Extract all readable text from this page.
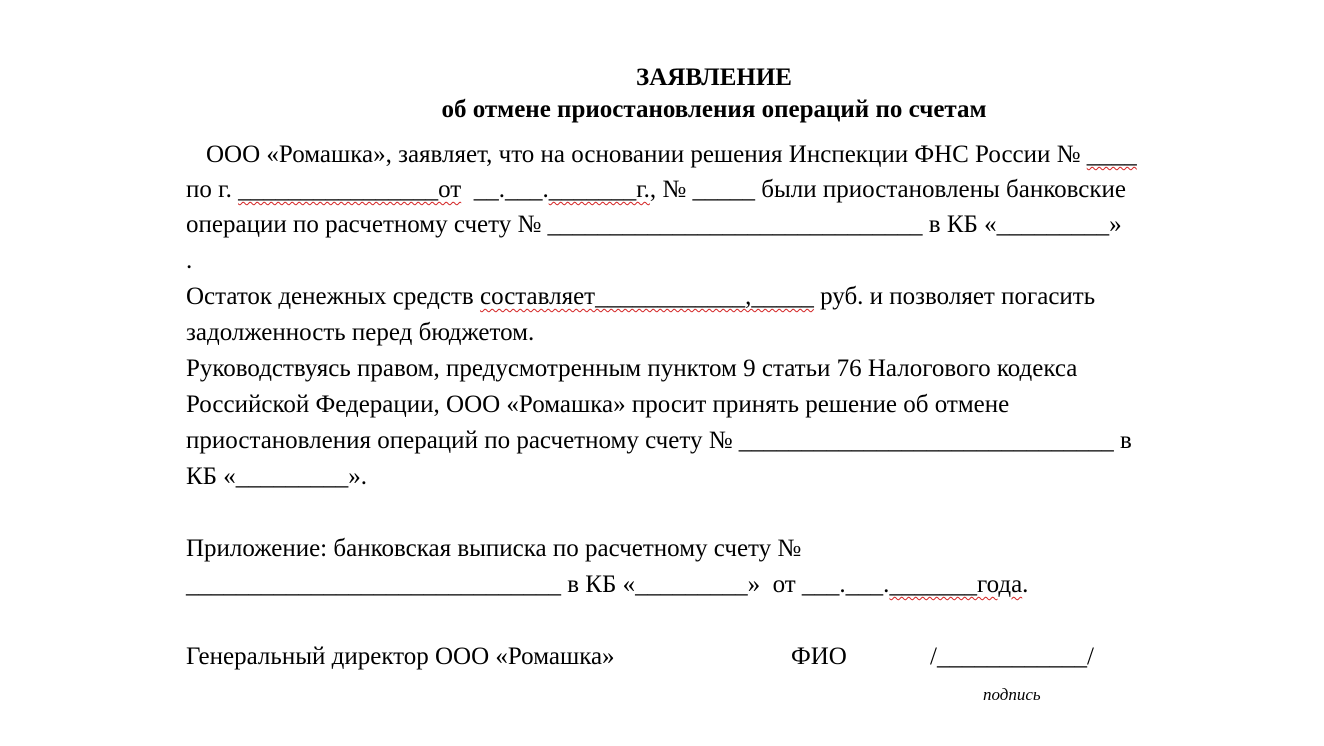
ЗАЯВЛЕНИЕ
об отмене приостановления операций по счетам
ООО «Ромашка», заявляет, что на основании решения Инспекции ФНС России № ____
по г. ________________от  __.___._______г., № _____ были приостановлены банковские
операции по расчетному счету № ______________________________ в КБ «_________»
.
Остаток денежных средств составляет____________,_____ руб. и позволяет погасить
задолженность перед бюджетом.
Руководствуясь правом, предусмотренным пунктом 9 статьи 76 Налогового кодекса
Российской Федерации, ООО «Ромашка» просит принять решение об отмене
приостановления операций по расчетному счету № ______________________________ в
КБ «_________».
Приложение: банковская выписка по расчетному счету №
______________________________ в КБ «_________»  от ___.___._______года.
Генеральный директор ООО «Ромашка»	ФИО	/____________/
подпись
